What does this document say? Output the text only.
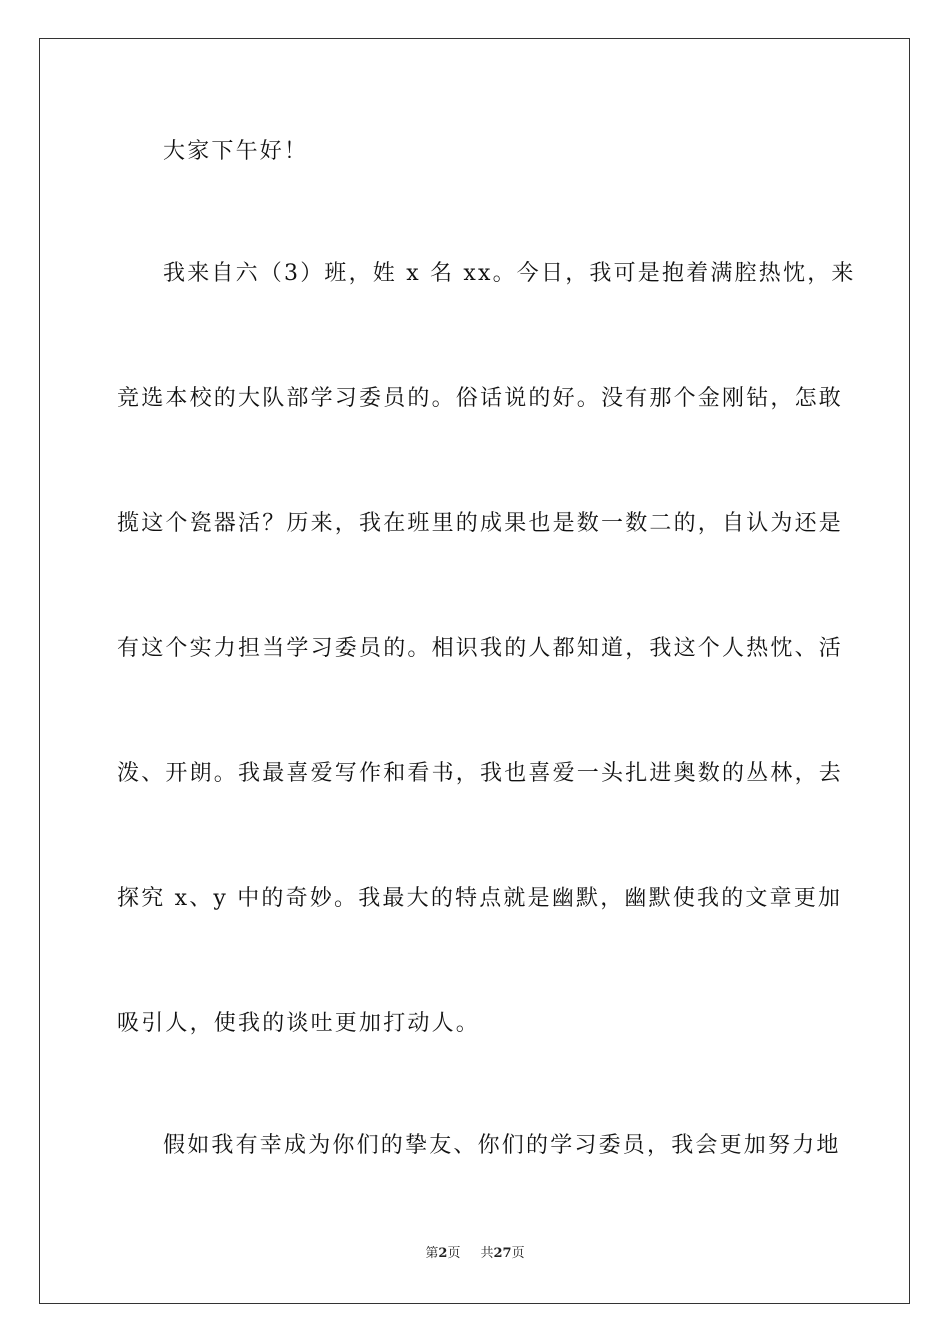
大家下午好！
我来自六（3）班，姓 x 名 xx。今日，我可是抱着满腔热忱，来
竞选本校的大队部学习委员的。俗话说的好。没有那个金刚钻，怎敢
揽这个瓷器活？历来，我在班里的成果也是数一数二的，自认为还是
有这个实力担当学习委员的。相识我的人都知道，我这个人热忱、活
泼、开朗。我最喜爱写作和看书，我也喜爱一头扎进奥数的丛林，去
探究 x、y 中的奇妙。我最大的特点就是幽默，幽默使我的文章更加
吸引人，使我的谈吐更加打动人。
假如我有幸成为你们的挚友、你们的学习委员，我会更加努力地
第2页 共27页
